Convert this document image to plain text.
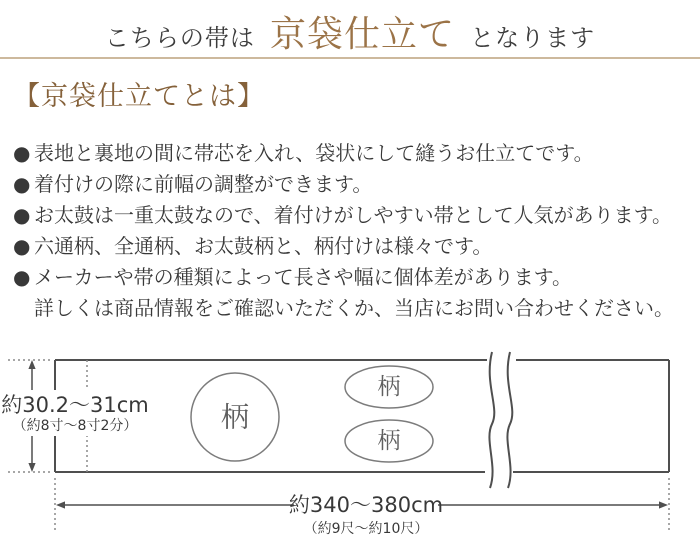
こちらの帯は 京袋仕立て となります
【京袋仕立てとは】
● 表地と裏地の間に帯芯を入れ、袋状にして縫うお仕立てです。
● 着付けの際に前幅の調整ができます。
● お太鼓は一重太鼓なので、着付けがしやすい帯として人気があります。
● 六通柄、全通柄、お太鼓柄と、柄付けは様々です。
● メーカーや帯の種類によって長さや幅に個体差があります。
詳しくは商品情報をご確認いただくか、当店にお問い合わせください。
柄
柄
柄
約30.2〜31cm
（約8寸〜8寸2分）
約340〜380cm
（約9尺〜約10尺）
